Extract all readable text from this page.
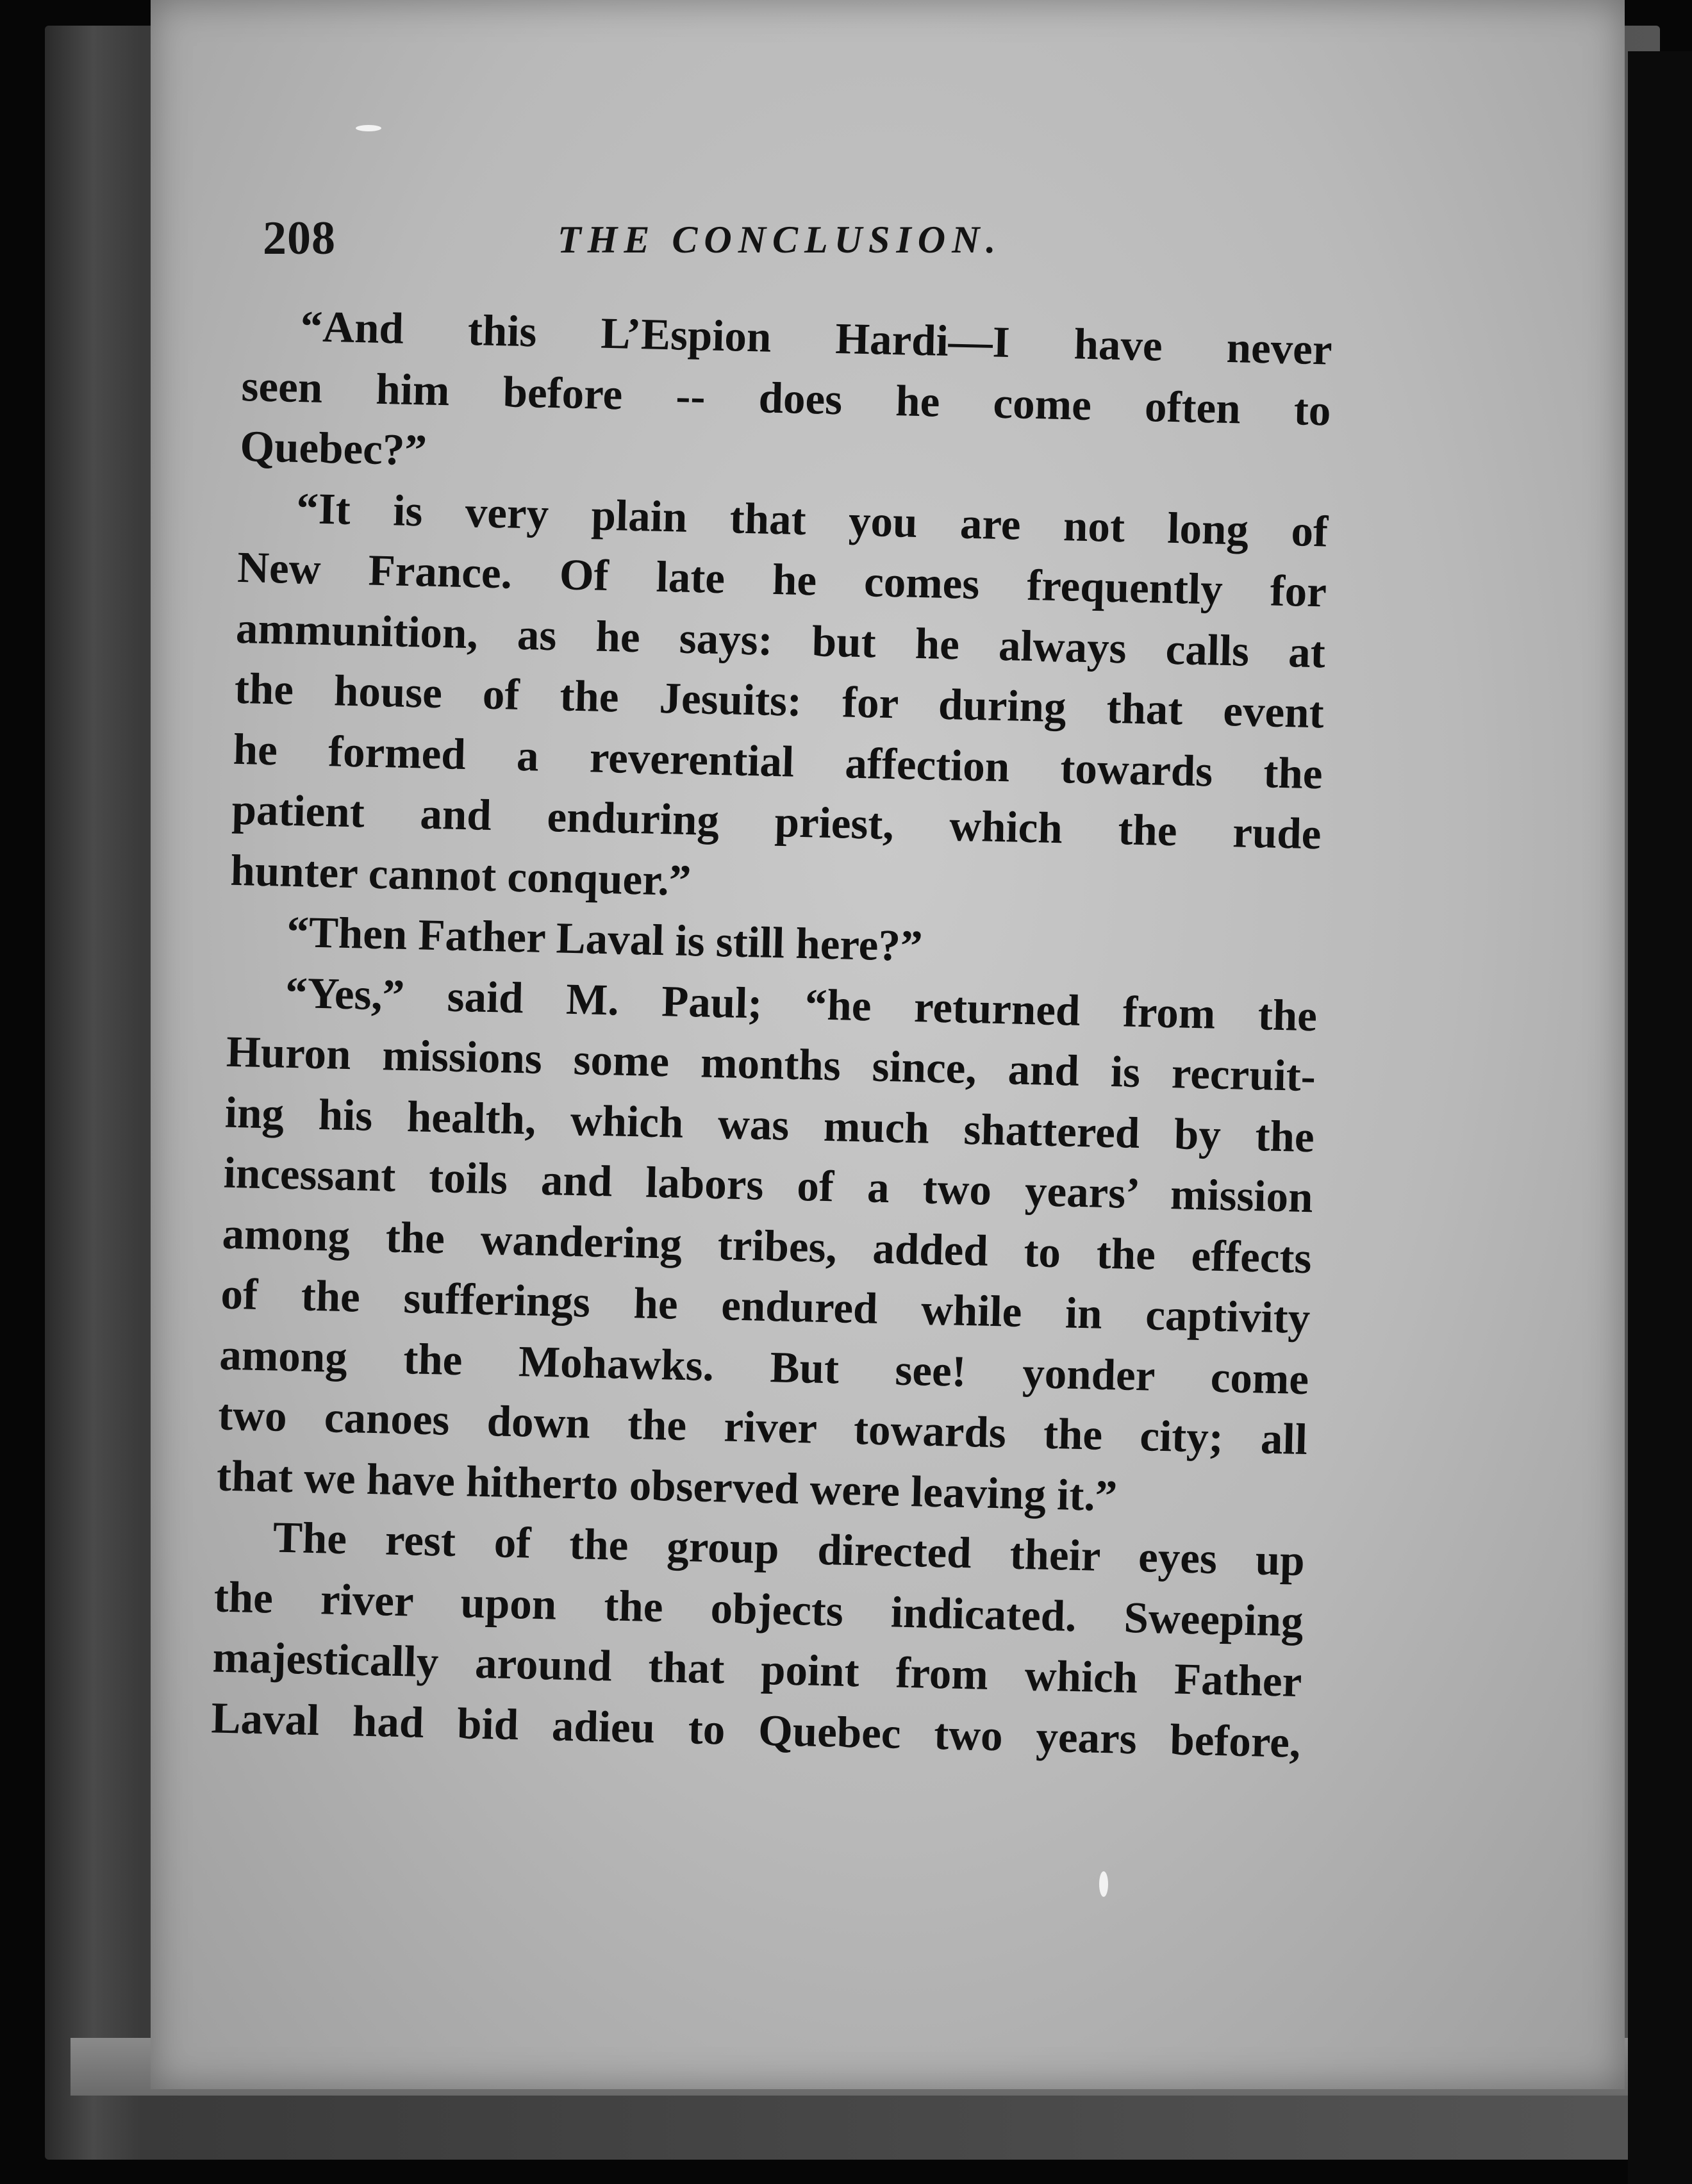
208	THE CONCLUSION.
“And this L’Espion Hardi—I have never
seen him before -- does he come often to
Quebec?”
“It is very plain that you are not long of
New France. Of late he comes frequently for
ammunition, as he says: but he always calls at
the house of the Jesuits: for during that event
he formed a reverential affection towards the
patient and enduring priest, which the rude
hunter cannot conquer.”
“Then Father Laval is still here?”
“Yes,” said M. Paul; “he returned from the
Huron missions some months since, and is recruit-
ing his health, which was much shattered by the
incessant toils and labors of a two years’ mission
among the wandering tribes, added to the effects
of the sufferings he endured while in captivity
among the Mohawks. But see! yonder come
two canoes down the river towards the city; all
that we have hitherto observed were leaving it.”
The rest of the group directed their eyes up
the river upon the objects indicated. Sweeping
majestically around that point from which Father
Laval had bid adieu to Quebec two years before,
